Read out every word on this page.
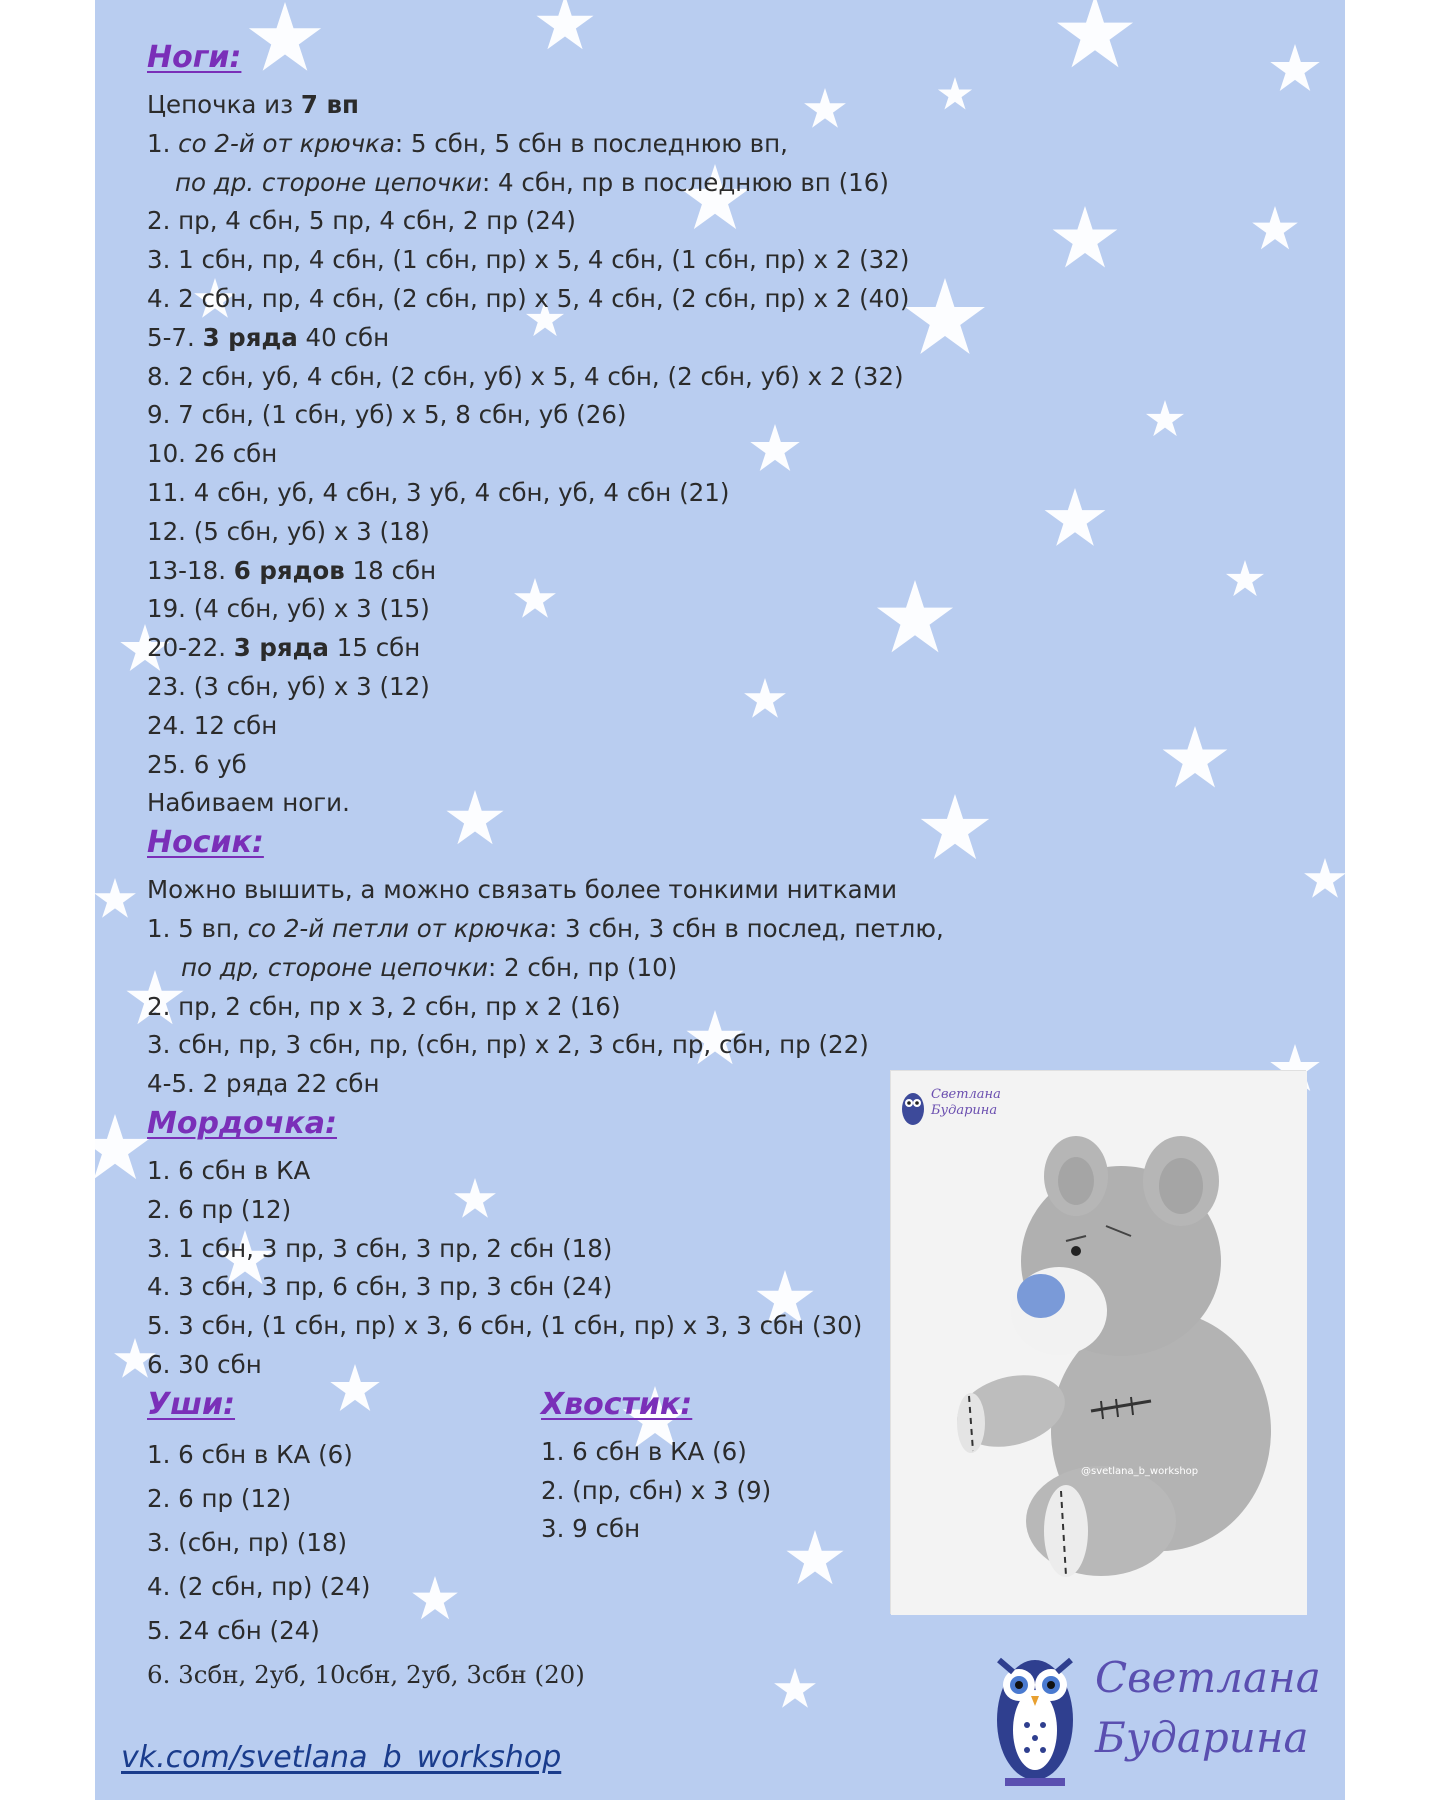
Ноги:
Цепочка из 7 вп
1. со 2-й от крючка: 5 сбн, 5 сбн в последнюю вп,
по др. стороне цепочки: 4 сбн, пр в последнюю вп (16)
2. пр, 4 сбн, 5 пр, 4 сбн, 2 пр (24)
3. 1 сбн, пр, 4 сбн, (1 сбн, пр) х 5, 4 сбн, (1 сбн, пр) х 2 (32)
4. 2 сбн, пр, 4 сбн, (2 сбн, пр) х 5, 4 сбн, (2 сбн, пр) х 2 (40)
5-7. 3 ряда 40 сбн
8. 2 сбн, уб, 4 сбн, (2 сбн, уб) х 5, 4 сбн, (2 сбн, уб) х 2 (32)
9. 7 сбн, (1 сбн, уб) х 5, 8 сбн, уб (26)
10. 26 сбн
11. 4 сбн, уб, 4 сбн, 3 уб, 4 сбн, уб, 4 сбн (21)
12. (5 сбн, уб) х 3 (18)
13-18. 6 рядов 18 сбн
19. (4 сбн, уб) х 3 (15)
20-22. 3 ряда 15 сбн
23. (3 сбн, уб) х 3 (12)
24. 12 сбн
25. 6 уб
Набиваем ноги.
Носик:
Можно вышить, а можно связать более тонкими нитками
1. 5 вп, со 2-й петли от крючка: 3 сбн, 3 сбн в послед, петлю,
по др, стороне цепочки: 2 сбн, пр (10)
2. пр, 2 сбн, пр х 3, 2 сбн, пр х 2 (16)
3. сбн, пр, 3 сбн, пр, (сбн, пр) х 2, 3 сбн, пр, сбн, пр (22)
4-5. 2 ряда 22 сбн
Мордочка:
1. 6 сбн в КА
2. 6 пр (12)
3. 1 сбн, 3 пр, 3 сбн, 3 пр, 2 сбн (18)
4. 3 сбн, 3 пр, 6 сбн, 3 пр, 3 сбн (24)
5. 3 сбн, (1 сбн, пр) х 3, 6 сбн, (1 сбн, пр) х 3, 3 сбн (30)
6. 30 сбн
Уши:
1. 6 сбн в КА (6)
2. 6 пр (12)
3. (сбн, пр) (18)
4. (2 сбн, пр) (24)
5. 24 сбн (24)
6. 3сбн, 2уб, 10сбн, 2уб, 3сбн (20)
Хвостик:
1. 6 сбн в КА (6)
2. (пр, сбн) х 3 (9)
3. 9 сбн
Светлана
Бударина
@svetlana_b_workshop
Светлана
Бударина
vk.com/svetlana_b_workshop
